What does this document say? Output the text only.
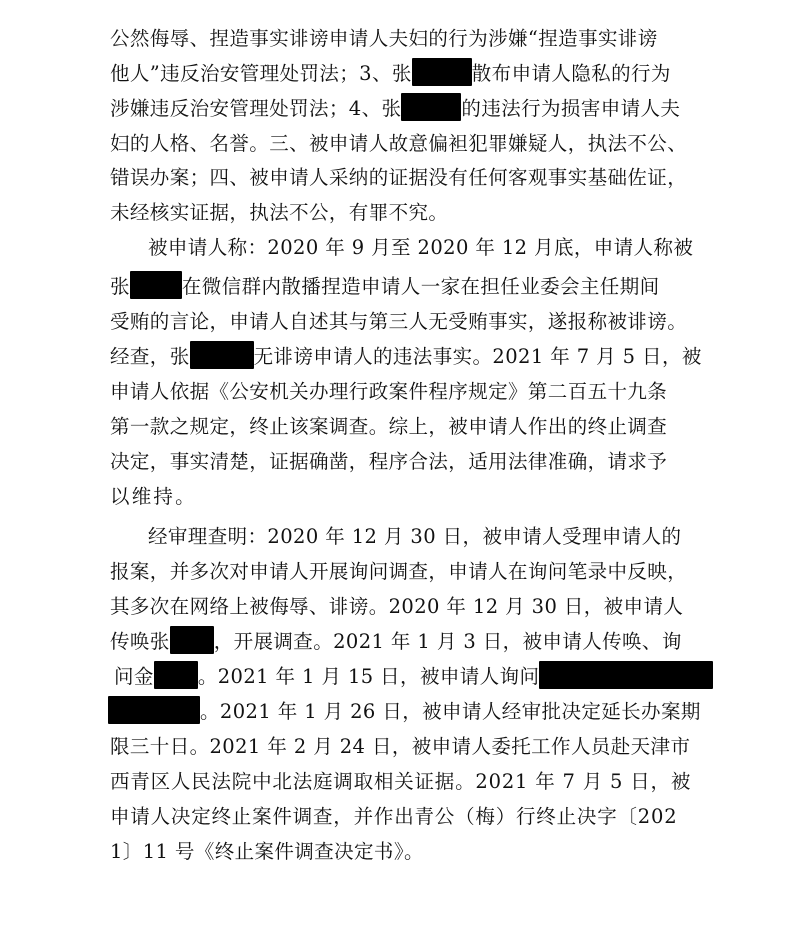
公然侮辱、捏造事实诽谤申请人夫妇的行为涉嫌“捏造事实诽谤
他人”违反治安管理处罚法；3、张	散布申请人隐私的行为
涉嫌违反治安管理处罚法；4、张	的违法行为损害申请人夫
妇的人格、名誉。三、被申请人故意偏袒犯罪嫌疑人，执法不公、
错误办案；四、被申请人采纳的证据没有任何客观事实基础佐证，
未经核实证据，执法不公，有罪不究。
被申请人称：2020 年 9 月至 2020 年 12 月底，申请人称被
张	在微信群内散播捏造申请人一家在担任业委会主任期间
受贿的言论，申请人自述其与第三人无受贿事实，遂报称被诽谤。
经查，张	无诽谤申请人的违法事实。2021 年 7 月 5 日，被
申请人依据《公安机关办理行政案件程序规定》第二百五十九条
第一款之规定，终止该案调查。综上，被申请人作出的终止调查
决定，事实清楚，证据确凿，程序合法，适用法律准确，请求予
以维持。
经审理查明：2020 年 12 月 30 日，被申请人受理申请人的
报案，并多次对申请人开展询问调查，申请人在询问笔录中反映，
其多次在网络上被侮辱、诽谤。2020 年 12 月 30 日，被申请人
传唤张 ，开展调查。2021 年 1 月 3 日，被申请人传唤、询
问金 。2021 年 1 月 15 日，被申请人询问
。2021 年 1 月 26 日，被申请人经审批决定延长办案期
限三十日。2021 年 2 月 24 日，被申请人委托工作人员赴天津市
西青区人民法院中北法庭调取相关证据。2021 年 7 月 5 日，被
申请人决定终止案件调查，并作出青公（梅）行终止决字〔202
1〕11 号《终止案件调查决定书》。
